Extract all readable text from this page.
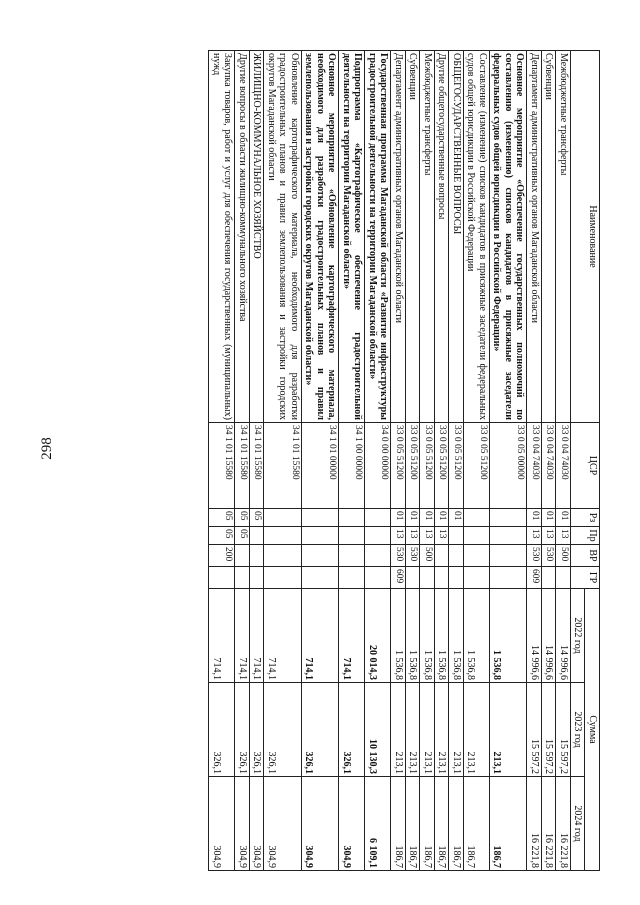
298
Наименование	ЦСР	Рз	Пр	ВР	ГР	Сумма		
						2022 год	2023 год	2024 год
Межбюджетные трансферты	33 0 04 74030	01	13	500		14 996,6	15 597,2	16 221,8
Субвенции	33 0 04 74030	01	13	530		14 996,6	15 597,2	16 221,8
Департамент административных органов Магаданской области	33 0 04 74030	01	13	530	609	14 996,6	15 597,2	16 221,8
Основное мероприятие «Обеспечение государственных полномочий по составлению (изменению) списков кандидатов в присяжные заседатели федеральных судов общей юрисдикции в Российской Федерации»	33 0 05 00000					1 536,8	213,1	186,7
Составление (изменение) списков кандидатов в присяжные заседатели федеральных судов общей юрисдикции в Российской Федерации	33 0 05 51200					1 536,8	213,1	186,7
ОБЩЕГОСУДАРСТВЕННЫЕ ВОПРОСЫ	33 0 05 51200	01				1 536,8	213,1	186,7
Другие общегосударственные вопросы	33 0 05 51200	01	13			1 536,8	213,1	186,7
Межбюджетные трансферты	33 0 05 51200	01	13	500		1 536,8	213,1	186,7
Субвенции	33 0 05 51200	01	13	530		1 536,8	213,1	186,7
Департамент административных органов Магаданской области	33 0 05 51200	01	13	530	609	1 536,8	213,1	186,7
Государственная программа Магаданской области «Развитие инфраструктуры градостроительной деятельности на территории Магаданской области»	34 0 00 00000					20 014,3	10 130,3	6 109,1
Подпрограмма «Картографическое обеспечение градостроительной деятельности на территории Магаданской области»	34 1 00 00000					714,1	326,1	304,9
Основное мероприятие «Обновление картографического материала, необходимого для разработки градостроительных планов и правил землепользования и застройки городских округов Магаданской области»	34 1 01 00000					714,1	326,1	304,9
Обновление картографического материала, необходимого для разработки градостроительных планов и правил землепользования и застройки городских округов Магаданской области	34 1 01 15580					714,1	326,1	304,9
ЖИЛИЩНО-КОММУНАЛЬНОЕ ХОЗЯЙСТВО	34 1 01 15580	05				714,1	326,1	304,9
Другие вопросы в области жилищно-коммунального хозяйства	34 1 01 15580	05	05			714,1	326,1	304,9
Закупка товаров, работ и услуг для обеспечения государственных (муниципальных) нужд	34 1 01 15580	05	05	200		714,1	326,1	304,9
